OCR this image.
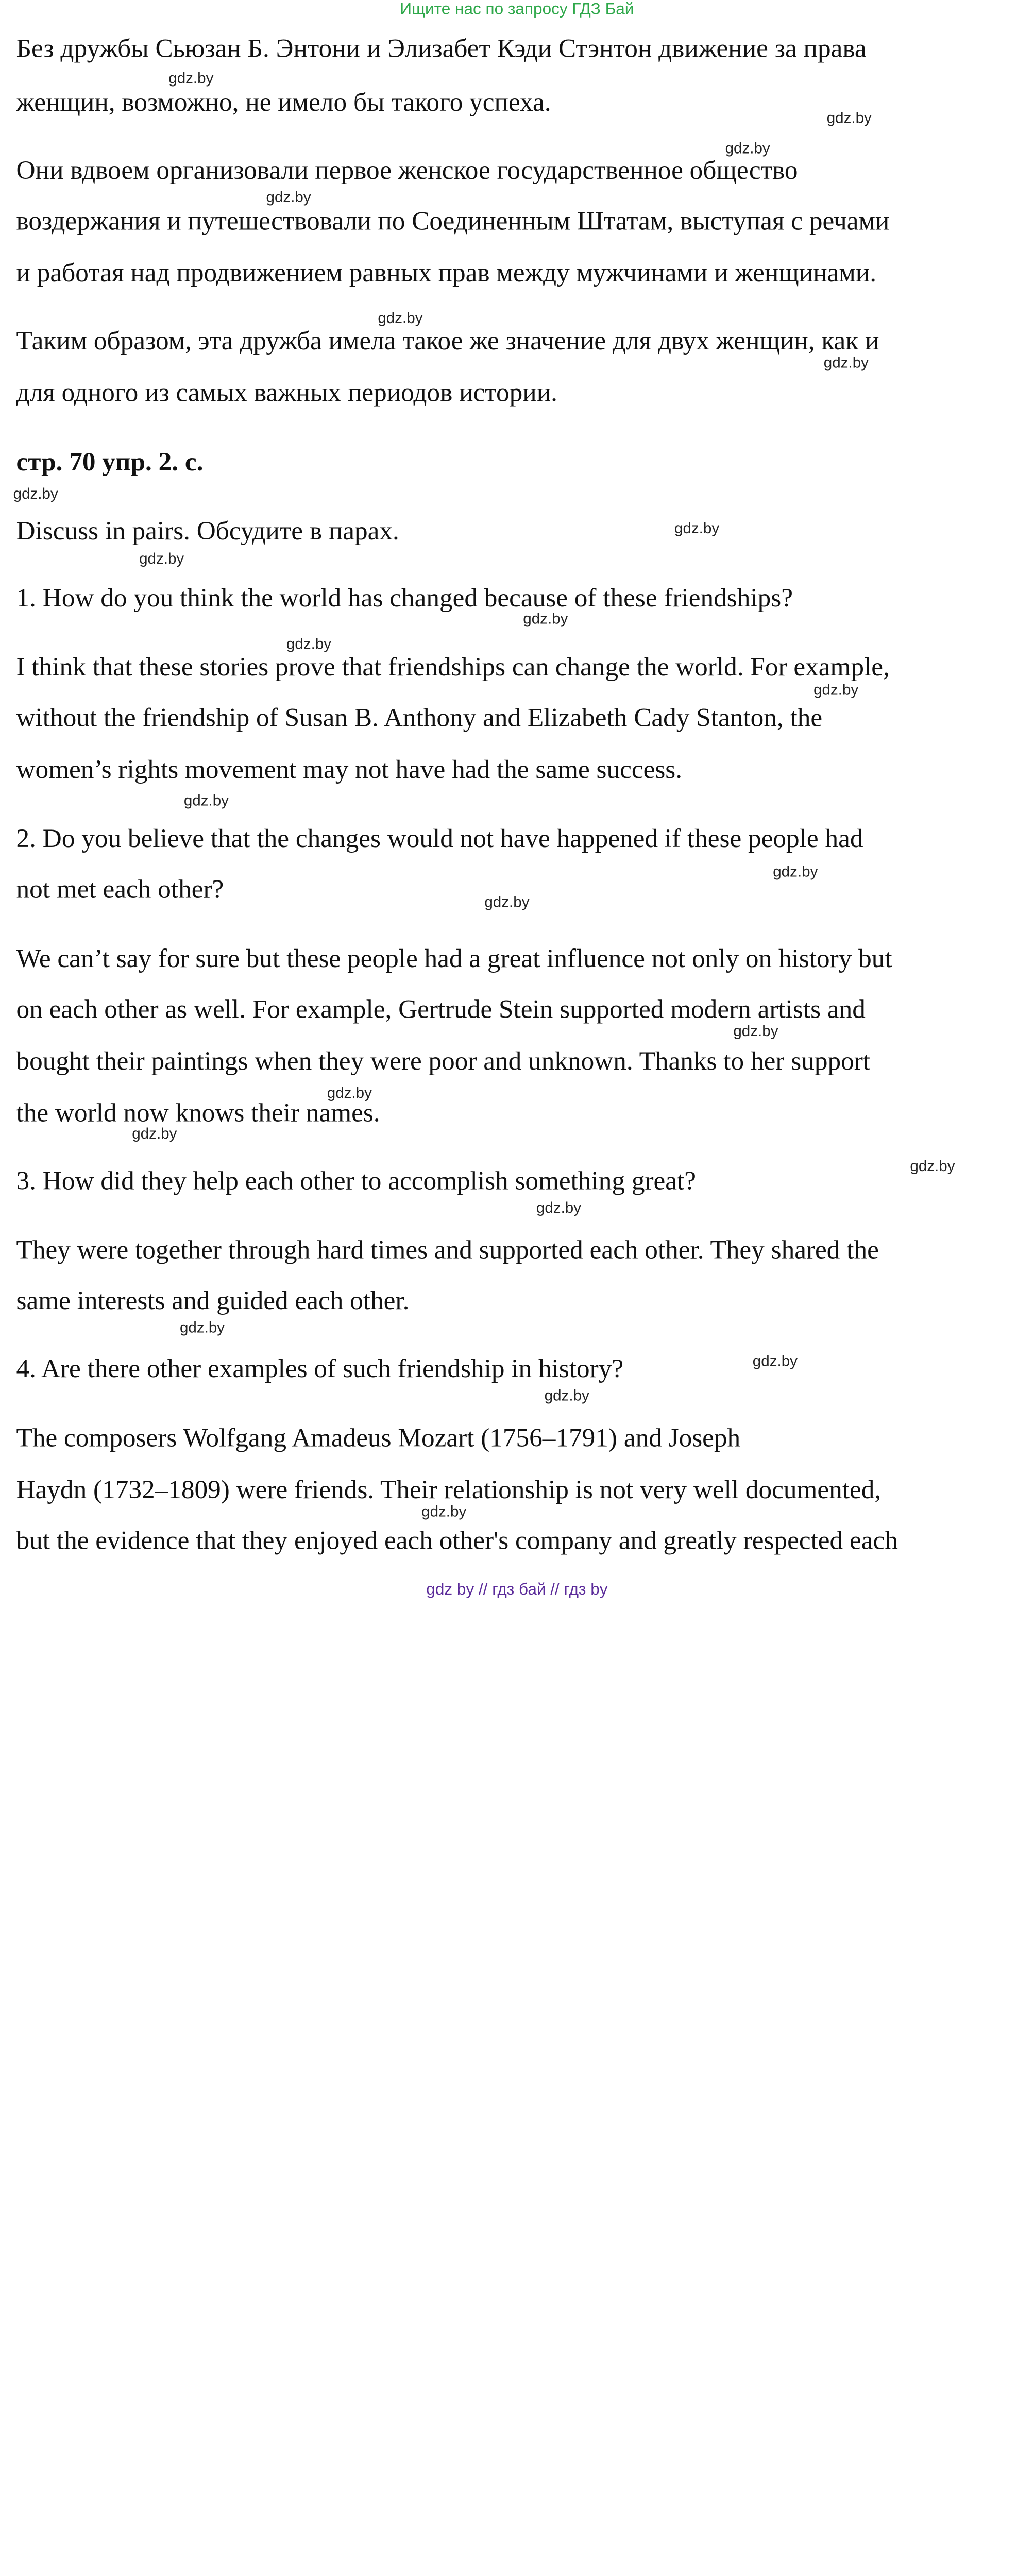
Ищите нас по запросу ГДЗ Бай
Без дружбы Сьюзан Б. Энтони и Элизабет Кэди Стэнтон движение за права
женщин, возможно, не имело бы такого успеха.
Они вдвоем организовали первое женское государственное общество
воздержания и путешествовали по Соединенным Штатам, выступая с речами
и работая над продвижением равных прав между мужчинами и женщинами.
Таким образом, эта дружба имела такое же значение для двух женщин, как и
для одного из самых важных периодов истории.
стр. 70 упр. 2. с.
Discuss in pairs. Обсудите в парах.
1. How do you think the world has changed because of these friendships?
I think that these stories prove that friendships can change the world. For example,
without the friendship of Susan B. Anthony and Elizabeth Cady Stanton, the
women’s rights movement may not have had the same success.
2. Do you believe that the changes would not have happened if these people had
not met each other?
We can’t say for sure but these people had a great influence not only on history but
on each other as well. For example, Gertrude Stein supported modern artists and
bought their paintings when they were poor and unknown. Thanks to her support
the world now knows their names.
3. How did they help each other to accomplish something great?
They were together through hard times and supported each other. They shared the
same interests and guided each other.
4. Are there other examples of such friendship in history?
The composers Wolfgang Amadeus Mozart (1756–1791) and Joseph
Haydn (1732–1809) were friends. Their relationship is not very well documented,
but the evidence that they enjoyed each other's company and greatly respected each
gdz.by
gdz.by
gdz.by
gdz.by
gdz.by
gdz.by
gdz.by
gdz.by
gdz.by
gdz.by
gdz.by
gdz.by
gdz.by
gdz.by
gdz.by
gdz.by
gdz.by
gdz.by
gdz.by
gdz.by
gdz.by
gdz.by
gdz.by
gdz.by
gdz by // гдз бай // гдз by
